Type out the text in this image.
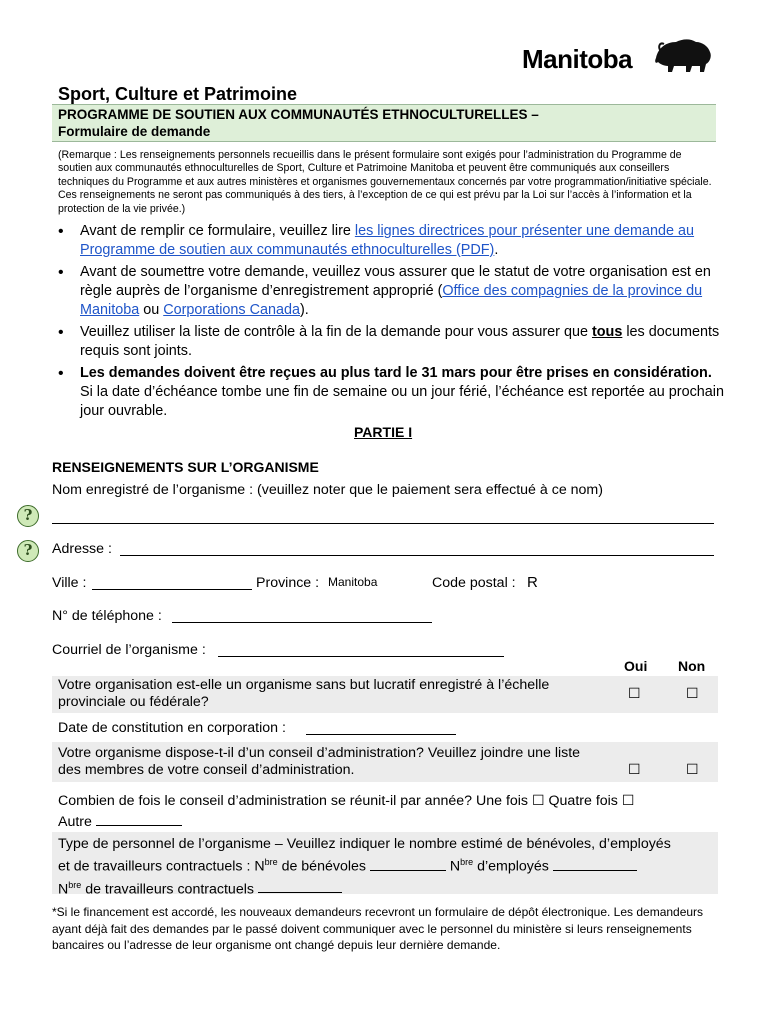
Manitoba
Sport, Culture et Patrimoine
PROGRAMME DE SOUTIEN AUX COMMUNAUTÉS ETHNOCULTURELLES –
Formulaire de demande
(Remarque : Les renseignements personnels recueillis dans le présent formulaire sont exigés pour l’administration du Programme de soutien aux communautés ethnoculturelles de Sport, Culture et Patrimoine Manitoba et peuvent être communiqués aux conseillers techniques du Programme et aux autres ministères et organismes gouvernementaux concernés par votre programmation/initiative spéciale. Ces renseignements ne seront pas communiqués à des tiers, à l’exception de ce qui est prévu par la Loi sur l’accès à l’information et la protection de la vie privée.)
• Avant de remplir ce formulaire, veuillez lire les lignes directrices pour présenter une demande au Programme de soutien aux communautés ethnoculturelles (PDF).
• Avant de soumettre votre demande, veuillez vous assurer que le statut de votre organisation est en règle auprès de l’organisme d’enregistrement approprié (Office des compagnies de la province du Manitoba ou Corporations Canada).
• Veuillez utiliser la liste de contrôle à la fin de la demande pour vous assurer que tous les documents requis sont joints.
• Les demandes doivent être reçues au plus tard le 31 mars pour être prises en considération. Si la date d’échéance tombe une fin de semaine ou un jour férié, l’échéance est reportée au prochain jour ouvrable.
PARTIE I
RENSEIGNEMENTS SUR L’ORGANISME
Nom enregistré de l’organisme : (veuillez noter que le paiement sera effectué à ce nom)
?
?	Adresse :
Ville :	Province : Manitoba	Code postal : R
N° de téléphone :
Courriel de l’organisme :
Oui Non
Votre organisation est-elle un organisme sans but lucratif enregistré à l’échelle provinciale ou fédérale?	☐	☐
Date de constitution en corporation :
Votre organisme dispose-t-il d’un conseil d’administration? Veuillez joindre une liste des membres de votre conseil d’administration.	☐	☐
Combien de fois le conseil d’administration se réunit-il par année? Une fois ☐ Quatre fois ☐
Autre
Type de personnel de l’organisme – Veuillez indiquer le nombre estimé de bénévoles, d’employés
et de travailleurs contractuels : $N^{bre}$ de bénévoles	$N^{bre}$ d’employés
$N^{bre}$ de travailleurs contractuels
*Si le financement est accordé, les nouveaux demandeurs recevront un formulaire de dépôt électronique. Les demandeurs ayant déjà fait des demandes par le passé doivent communiquer avec le personnel du ministère si leurs renseignements bancaires ou l’adresse de leur organisme ont changé depuis leur dernière demande.
